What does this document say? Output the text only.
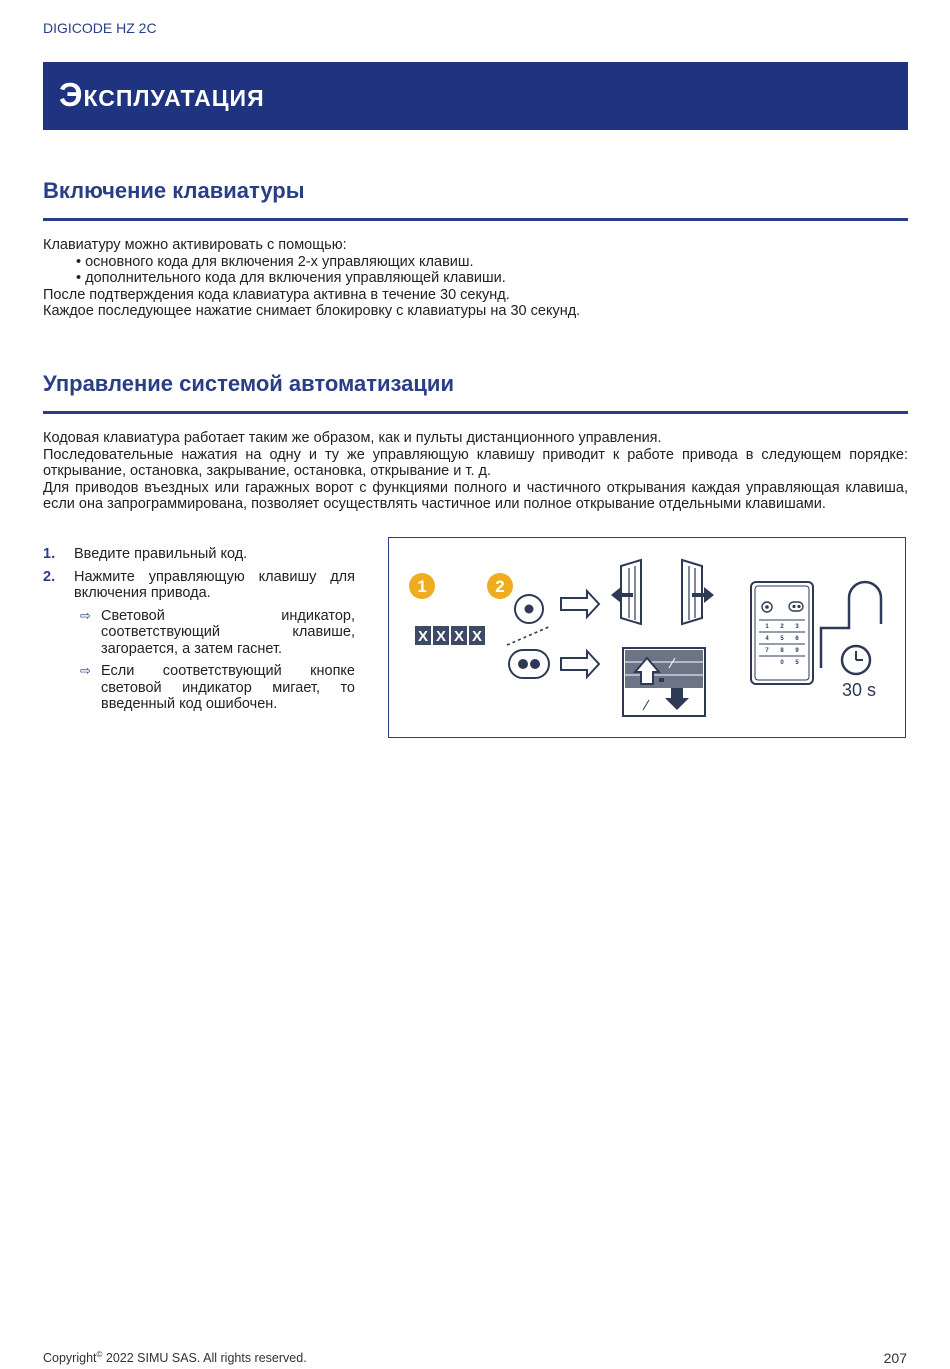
DIGICODE HZ 2C
Эксплуатация
Включение клавиатуры

Клавиатуру можно активировать с помощью:

• основного кода для включения 2-х управляющих клавиш.

• дополнительного кода для включения управляющей клавиши.

После подтверждения кода клавиатура активна в течение 30 секунд.

Каждое последующее нажатие снимает блокировку с клавиатуры на 30 секунд.

Управление системой автоматизации

Кодовая клавиатура работает таким же образом, как и пульты дистанционного управления.

Последовательные нажатия на одну и ту же управляющую клавишу приводит к работе привода в следующем порядке: открывание, остановка, закрывание, остановка, открывание и т. д.

Для приводов въездных или гаражных ворот с функциями полного и частичного открывания каждая управляющая клавиша, если она запрограммирована, позволяет осуществлять частичное или полное открывание отдельными клавишами.

1. Введите правильный код.
2. Нажмите управляющую клавишу для включения привода.
⇨ Световой индикатор, соответствующий клавише, загорается, а затем гаснет.
⇨ Если соответствующий кнопке световой индикатор мигает, то введенный код ошибочен.
1	2
X X X X
1 2 3
4 5 6
7 8 9
0 5
30 s
Copyright© 2022 SIMU SAS. All rights reserved.	207
